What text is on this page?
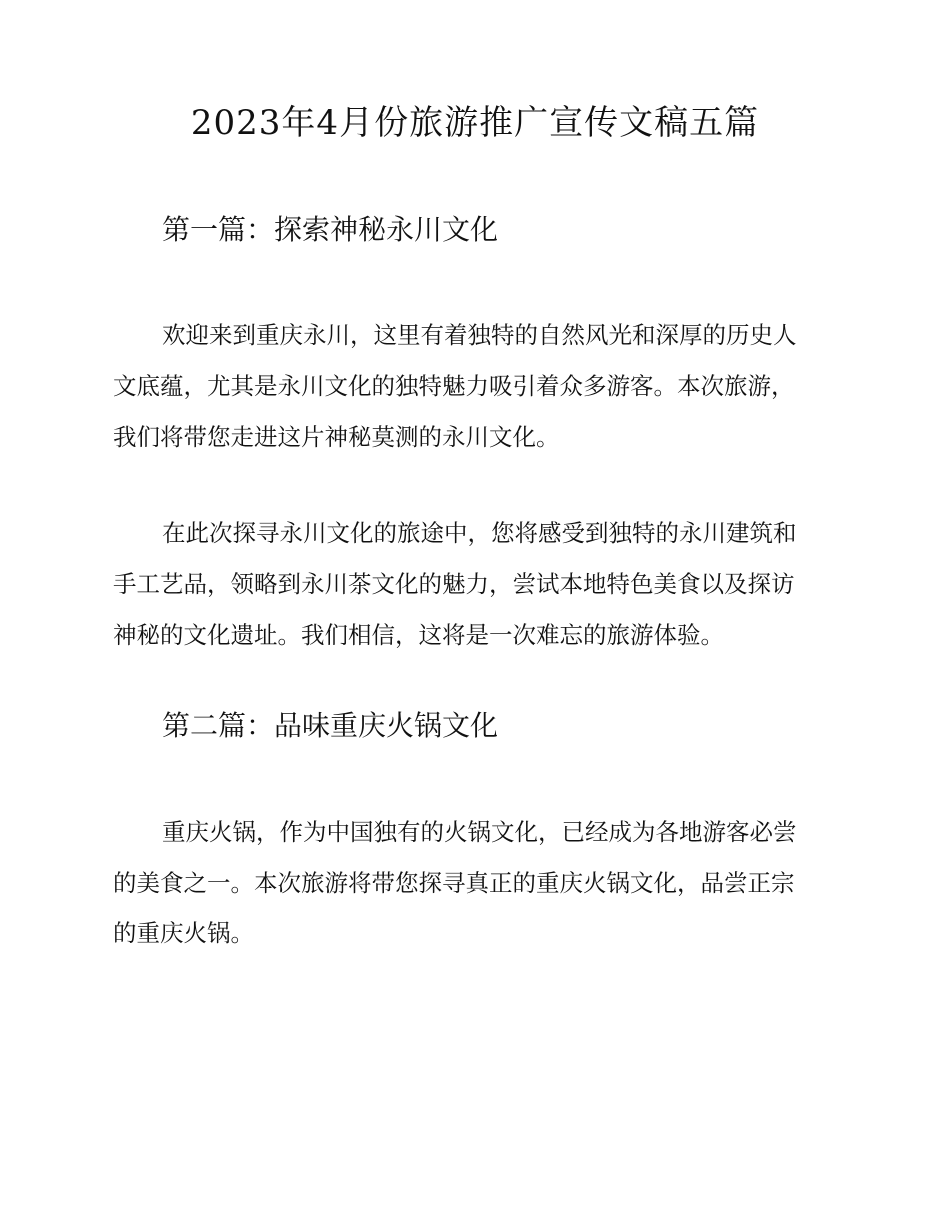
2023年4月份旅游推广宣传文稿五篇
第一篇：探索神秘永川文化

欢迎来到重庆永川，这里有着独特的自然风光和深厚的历史人

文底蕴，尤其是永川文化的独特魅力吸引着众多游客。本次旅游，

我们将带您走进这片神秘莫测的永川文化。

在此次探寻永川文化的旅途中，您将感受到独特的永川建筑和

手工艺品，领略到永川茶文化的魅力，尝试本地特色美食以及探访

神秘的文化遗址。我们相信，这将是一次难忘的旅游体验。

第二篇：品味重庆火锅文化

重庆火锅，作为中国独有的火锅文化，已经成为各地游客必尝

的美食之一。本次旅游将带您探寻真正的重庆火锅文化，品尝正宗

的重庆火锅。
